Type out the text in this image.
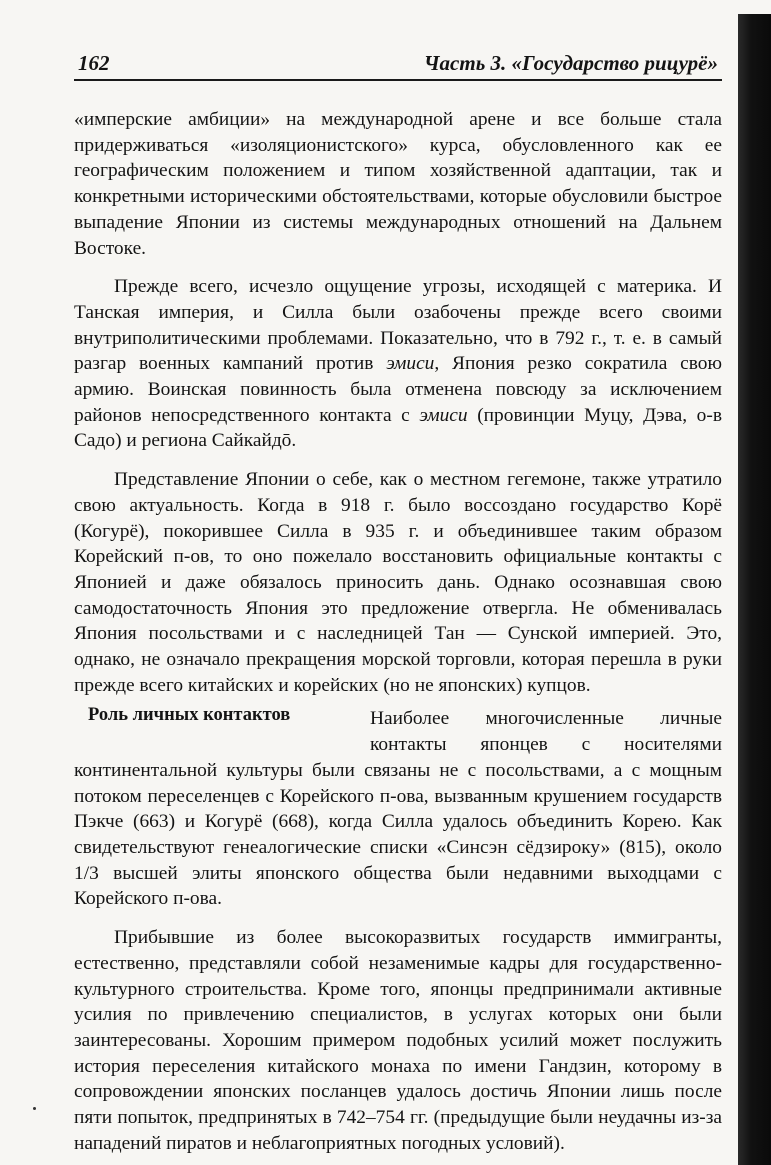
162	Часть 3. «Государство рицурё»

«имперские амбиции» на международной арене и все больше стала придерживаться «изоляционистского» курса, обусловленного как ее географическим положением и типом хозяйственной адаптации, так и конкретными историческими обстоятельствами, которые обусловили быстрое выпадение Японии из системы международных отношений на Дальнем Востоке.

Прежде всего, исчезло ощущение угрозы, исходящей с материка. И Танская империя, и Силла были озабочены прежде всего своими внутриполитическими проблемами. Показательно, что в 792 г., т. е. в самый разгар военных кампаний против эмиси, Япония резко сократила свою армию. Воинская повинность была отменена повсюду за исключением районов непосредственного контакта с эмиси (провинции Муцу, Дэва, о-в Садо) и региона Сайкайдō.

Представление Японии о себе, как о местном гегемоне, также утратило свою актуальность. Когда в 918 г. было воссоздано государство Корё (Когурё), покорившее Силла в 935 г. и объединившее таким образом Корейский п-ов, то оно пожелало восстановить официальные контакты с Японией и даже обязалось приносить дань. Однако осознавшая свою самодостаточность Япония это предложение отвергла. Не обменивалась Япония посольствами и с наследницей Тан — Сунской империей. Это, однако, не означало прекращения морской торговли, которая перешла в руки прежде всего китайских и корейских (но не японских) купцов.

Роль личных контактов	Наиболее многочисленные личные контакты японцев с носителями континентальной культуры были связаны не с посольствами, а с мощным потоком переселенцев с Корейского п-ова, вызванным крушением государств Пэкче (663) и Когурё (668), когда Силла удалось объединить Корею. Как свидетельствуют генеалогические списки «Синсэн сёдзироку» (815), около 1/3 высшей элиты японского общества были недавними выходцами с Корейского п-ова.

Прибывшие из более высокоразвитых государств иммигранты, естественно, представляли собой незаменимые кадры для государственно-культурного строительства. Кроме того, японцы предпринимали активные усилия по привлечению специалистов, в услугах которых они были заинтересованы. Хорошим примером подобных усилий может послужить история переселения китайского монаха по имени Гандзин, которому в сопровождении японских посланцев удалось достичь Японии лишь после пяти попыток, предпринятых в 742–754 гг. (предыдущие были неудачны из-за нападений пиратов и неблагоприятных погодных условий).
